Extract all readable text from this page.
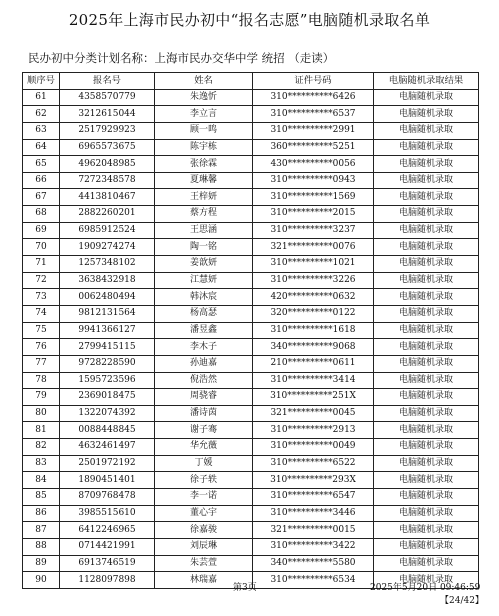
2025年上海市民办初中“报名志愿”电脑随机录取名单
民办初中分类计划名称：上海市民办交华中学 统招 （走读）
顺序号	报名号	姓名	证件号码	电脑随机录取结果
61	4358570779	朱逸忻	310**********6426	电脑随机录取
62	3212615044	李立言	310**********6537	电脑随机录取
63	2517929923	顾一鸣	310**********2991	电脑随机录取
64	6965573675	陈宇栋	360**********5251	电脑随机录取
65	4962048985	张徐霖	430**********0056	电脑随机录取
66	7272348578	夏琳馨	310**********0943	电脑随机录取
67	4413810467	王梓妍	310**********1569	电脑随机录取
68	2882260201	蔡方程	310**********2015	电脑随机录取
69	6985912524	王思涵	310**********3237	电脑随机录取
70	1909274274	陶一铭	321**********0076	电脑随机录取
71	1257348102	姜歆妍	310**********1021	电脑随机录取
72	3638432918	江慧妍	310**********3226	电脑随机录取
73	0062480494	韩沐宸	420**********0632	电脑随机录取
74	9812131564	杨高瑟	320**********0122	电脑随机录取
75	9941366127	潘昱鑫	310**********1618	电脑随机录取
76	2799415115	李木子	340**********9068	电脑随机录取
77	9728228590	孙迪嘉	210**********0611	电脑随机录取
78	1595723596	倪浩然	310**********3414	电脑随机录取
79	2369018475	周骁睿	310**********251X	电脑随机录取
80	1322074392	潘诗茵	321**********0045	电脑随机录取
81	0088448845	谢子骞	310**********2913	电脑随机录取
82	4632461497	华允薇	310**********0049	电脑随机录取
83	2501972192	丁媛	310**********6522	电脑随机录取
84	1890451401	徐子轶	310**********293X	电脑随机录取
85	8709768478	李一诺	310**********6547	电脑随机录取
86	3985515610	董心宇	310**********3446	电脑随机录取
87	6412246965	徐嘉骏	321**********0015	电脑随机录取
88	0714421991	刘辰琳	310**********3422	电脑随机录取
89	6913746519	朱芸萱	340**********5580	电脑随机录取
90	1128097898	林瑞嘉	310**********6534	电脑随机录取
第3页	2025年5月20日 09:46:59
【24/42】
